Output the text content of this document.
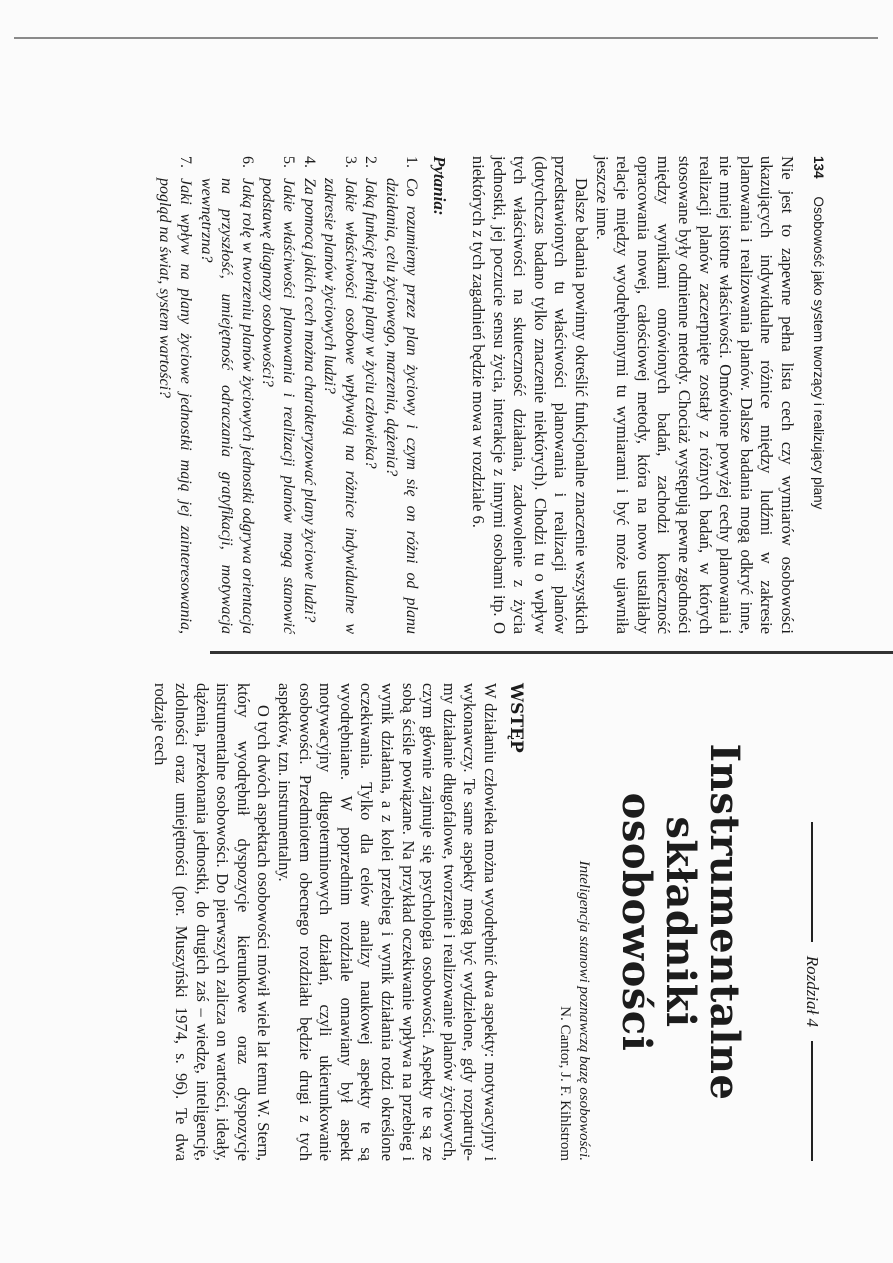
134
Osobowość jako system tworzący i realizujący plany

Nie jest to zapewne pełna lista cech czy wymiarów osobowości ukazujących indywidualne różnice między ludźmi w zakresie planowania i realizowania planów. Dalsze badania mogą odkryć inne, nie mniej istotne właściwości. Omówione powyżej cechy planowania i realizacji planów zaczerpnięte zostały z różnych badań, w których stosowane były odmienne metody. Chociaż występują pewne zgodności między wynikami omówionych badań, zachodzi konieczność opracowania nowej, całościowej metody, która na nowo ustaliłaby relacje między wyodrębnionymi tu wymiarami i być może ujawniła jeszcze inne.

Dalsze badania powinny określić funkcjonalne znaczenie wszystkich przedstawionych tu właściwości planowania i realizacji planów (dotychczas badano tylko znaczenie niektórych). Chodzi tu o wpływ tych właściwości na skuteczność działania, zadowolenie z życia jednostki, jej poczucie sensu życia, interakcje z innymi osobami itp. O niektórych z tych zagadnień będzie mowa w rozdziale 6.

Pytania:
1.
Co rozumiemy przez plan życiowy i czym się on różni od planu działania, celu życiowego, marzenia, dążenia?
2.
Jaką funkcję pełnią plany w życiu człowieka?
3.
Jakie właściwości osobowe wpływają na różnice indywidualne w zakresie planów życiowych ludzi?
4.
Za pomocą jakich cech można charakteryzować plany życiowe ludzi?
5.
Jakie właściwości planowania i realizacji planów mogą stanowić podstawę diagnozy osobowości?
6.
Jaką rolę w tworzeniu planów życiowych jednostki odgrywa orientacja na przyszłość, umiejętność odraczania gratyfikacji, motywacja wewnętrzna?
7.
Jaki wpływ na plany życiowe jednostki mają jej zainteresowania, pogląd na świat, system wartości?
Rozdział 4
Instrumentalne
składniki osobowości
Inteligencja stanowi poznawczą bazę osobowości.
N. Cantor, J. F. Kihlstrom
WSTĘP

W działaniu człowieka można wyodrębnić dwa aspekty: motywacyjny i wykonawczy. Te same aspekty mogą być wydzielone, gdy rozpatruje-my działanie długofalowe, tworzenie i realizowanie planów życiowych, czym głównie zajmuje się psychologia osobowości. Aspekty te są ze sobą ściśle powiązane. Na przykład oczekiwanie wpływa na przebieg i wynik działania, a z kolei przebieg i wynik działania rodzi określone oczekiwania. Tylko dla celów analizy naukowej aspekty te są wyodrębniane. W poprzednim rozdziale omawiany był aspekt motywacyjny długoterminowych działań, czyli ukierunkowanie osobowości. Przedmiotem obecnego rozdziału będzie drugi z tych aspektów, tzn. instrumentalny.

O tych dwóch aspektach osobowości mówił wiele lat temu W. Stern, który wyodrębnił dyspozycje kierunkowe oraz dyspozycje instrumentalne osobowości. Do pierwszych zalicza on wartości, ideały, dążenia, przekonania jednostki, do drugich zaś – wiedzę, inteligencję, zdolności oraz umiejętności (por. Muszyński 1974, s. 96). Te dwa rodzaje cech
